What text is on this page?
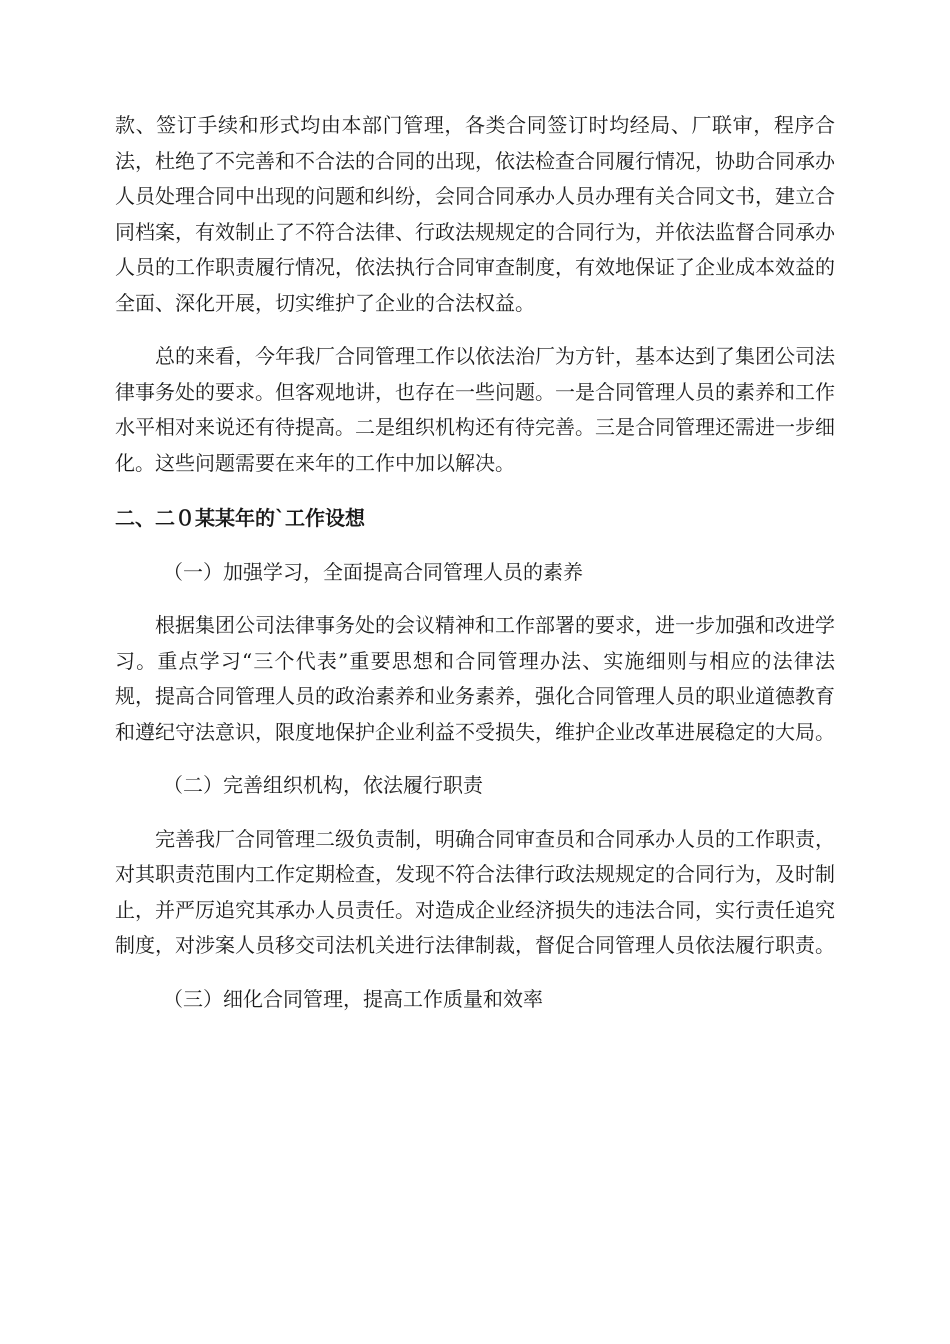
款、签订手续和形式均由本部门管理，各类合同签订时均经局、厂联审，程序合法，杜绝了不完善和不合法的合同的出现，依法检查合同履行情况，协助合同承办人员处理合同中出现的问题和纠纷，会同合同承办人员办理有关合同文书，建立合同档案，有效制止了不符合法律、行政法规规定的合同行为，并依法监督合同承办人员的工作职责履行情况，依法执行合同审查制度，有效地保证了企业成本效益的全面、深化开展，切实维护了企业的合法权益。

总的来看，今年我厂合同管理工作以依法治厂为方针，基本达到了集团公司法律事务处的要求。但客观地讲，也存在一些问题。一是合同管理人员的素养和工作水平相对来说还有待提高。二是组织机构还有待完善。三是合同管理还需进一步细化。这些问题需要在来年的工作中加以解决。

二、二０某某年的`工作设想

（一）加强学习，全面提高合同管理人员的素养

根据集团公司法律事务处的会议精神和工作部署的要求，进一步加强和改进学习。重点学习“三个代表”重要思想和合同管理办法、实施细则与相应的法律法规，提高合同管理人员的政治素养和业务素养，强化合同管理人员的职业道德教育和遵纪守法意识，限度地保护企业利益不受损失，维护企业改革进展稳定的大局。

（二）完善组织机构，依法履行职责

完善我厂合同管理二级负责制，明确合同审查员和合同承办人员的工作职责，对其职责范围内工作定期检查，发现不符合法律行政法规规定的合同行为，及时制止，并严厉追究其承办人员责任。对造成企业经济损失的违法合同，实行责任追究制度，对涉案人员移交司法机关进行法律制裁，督促合同管理人员依法履行职责。

（三）细化合同管理，提高工作质量和效率
